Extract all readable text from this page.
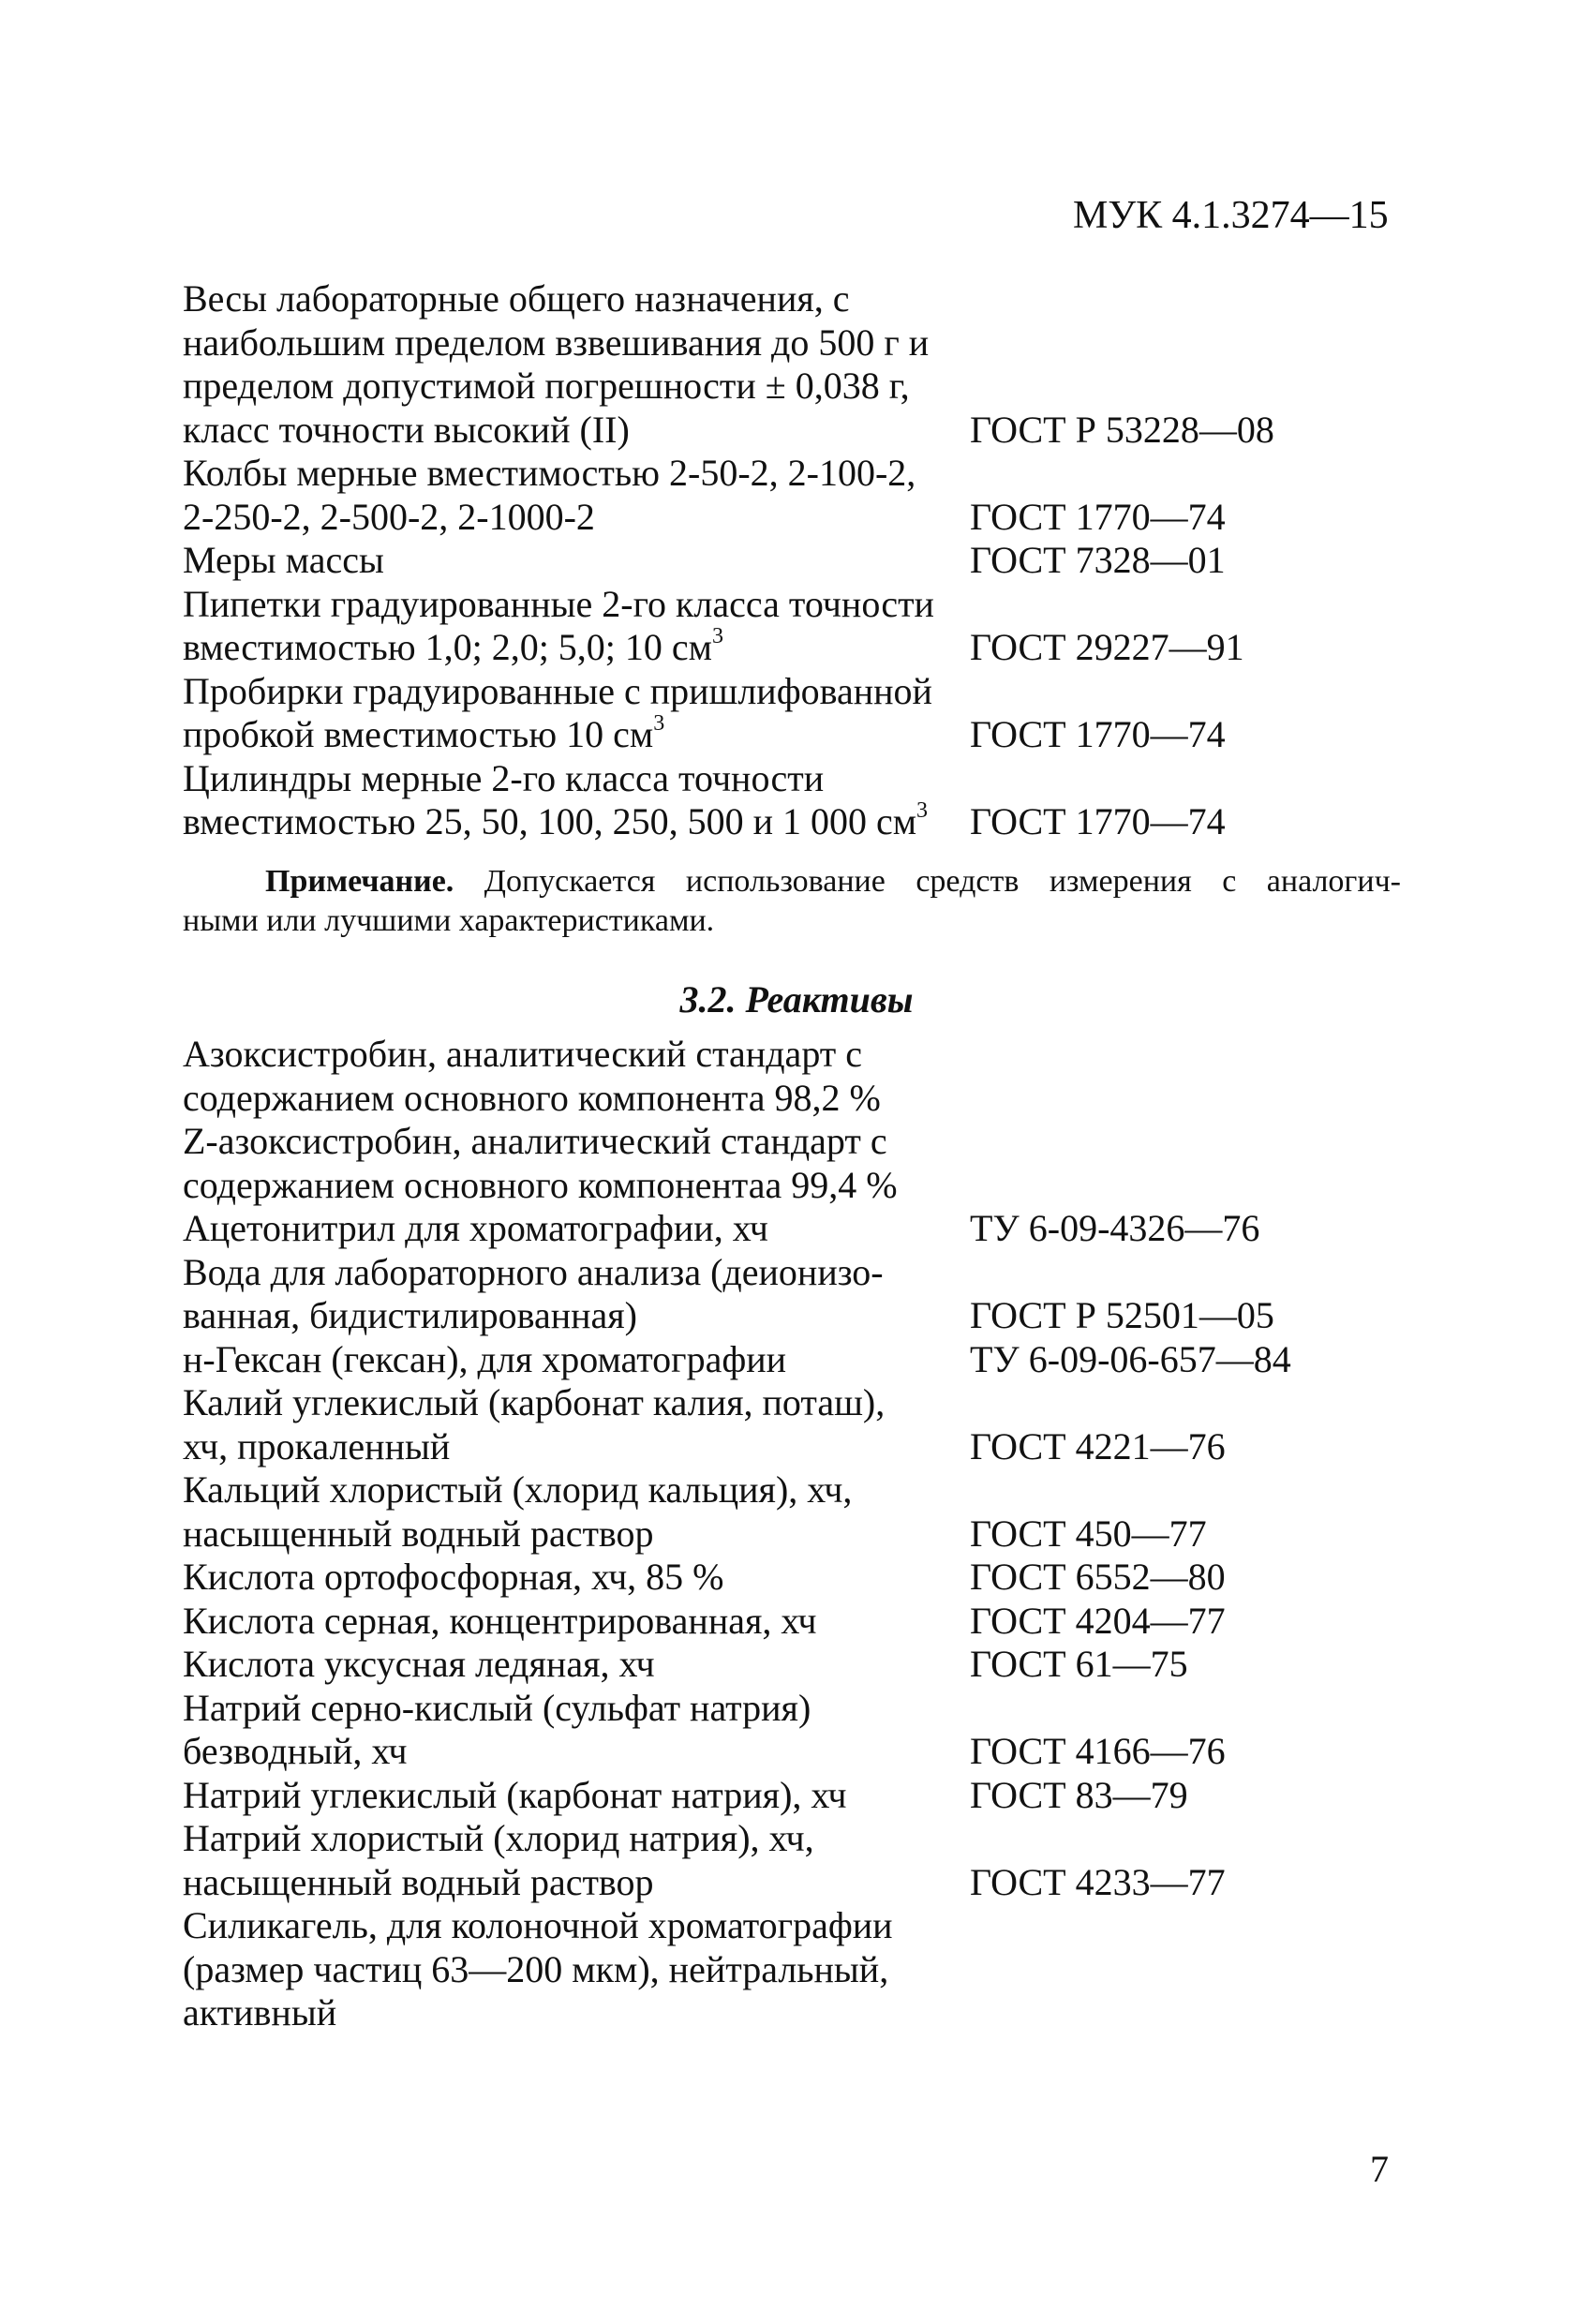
МУК 4.1.3274—15
Весы лабораторные общего назначения, с
наибольшим пределом взвешивания до 500 г и
пределом допустимой погрешности ± 0,038 г,
класс точности высокий (II)	ГОСТ Р 53228—08
Колбы мерные вместимостью 2-50-2, 2-100-2,
2-250-2, 2-500-2, 2-1000-2	ГОСТ 1770—74
Меры массы	ГОСТ 7328—01
Пипетки градуированные 2-го класса точности
вместимостью 1,0; 2,0; 5,0; 10 $см^3$	ГОСТ 29227—91
Пробирки градуированные с пришлифованной
пробкой вместимостью 10 $см^3$	ГОСТ 1770—74
Цилиндры мерные 2-го класса точности
вместимостью 25, 50, 100, 250, 500 и 1 000 $см^3$ ГОСТ 1770—74
Примечание. Допускается использование средств измерения с аналогич-
ными или лучшими характеристиками.
3.2. Реактивы
Азоксистробин, аналитический стандарт с
содержанием основного компонента 98,2 %
Z-азоксистробин, аналитический стандарт с
содержанием основного компонентаа 99,4 %
Ацетонитрил для хроматографии, хч	ТУ 6-09-4326—76
Вода для лабораторного анализа (деионизо-
ванная, бидистилированная)	ГОСТ Р 52501—05
н-Гексан (гексан), для хроматографии	ТУ 6-09-06-657—84
Калий углекислый (карбонат калия, поташ),
хч, прокаленный	ГОСТ 4221—76
Кальций хлористый (хлорид кальция), хч,
насыщенный водный раствор	ГОСТ 450—77
Кислота ортофосфорная, хч, 85 %	ГОСТ 6552—80
Кислота серная, концентрированная, хч	ГОСТ 4204—77
Кислота уксусная ледяная, хч	ГОСТ 61—75
Натрий серно-кислый (сульфат натрия)
безводный, хч	ГОСТ 4166—76
Натрий углекислый (карбонат натрия), хч	ГОСТ 83—79
Натрий хлористый (хлорид натрия), хч,
насыщенный водный раствор	ГОСТ 4233—77
Силикагель, для колоночной хроматографии
(размер частиц 63—200 мкм), нейтральный,
активный
7
